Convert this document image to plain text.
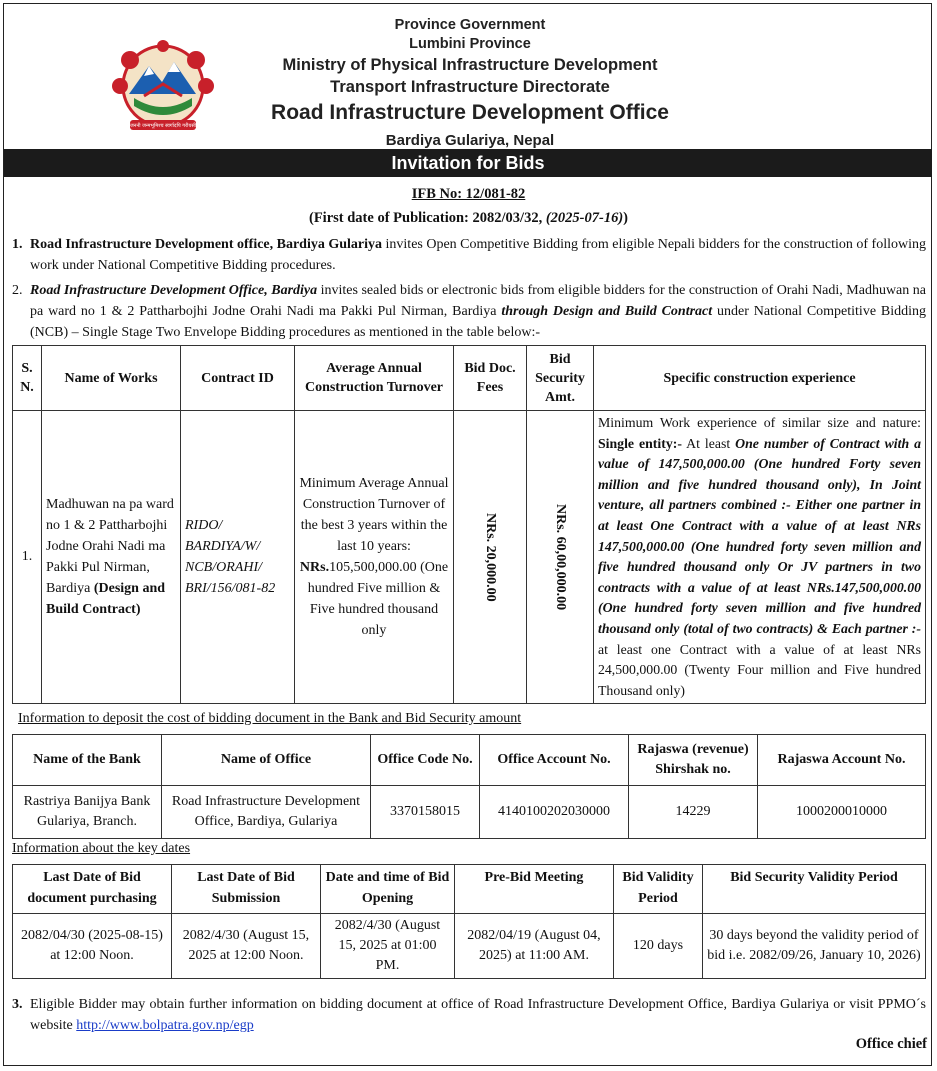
जननी जन्मभूमिश्च स्वर्गादपि गरीयसी
Province Government
Lumbini Province
Ministry of Physical Infrastructure Development
Transport Infrastructure Directorate
Road Infrastructure Development Office
Bardiya Gulariya, Nepal
Invitation for Bids
IFB No: 12/081-82
(First date of Publication: 2082/03/32, (2025-07-16))
1. Road Infrastructure Development office, Bardiya Gulariya invites Open Competitive Bidding from eligible Nepali bidders for the construction of following work under National Competitive Bidding procedures.
2. Road Infrastructure Development Office, Bardiya invites sealed bids or electronic bids from eligible bidders for the construction of Orahi Nadi, Madhuwan na pa ward no 1 & 2 Pattharbojhi Jodne Orahi Nadi ma Pakki Pul Nirman, Bardiya through Design and Build Contract under National Competitive Bidding (NCB) – Single Stage Two Envelope Bidding procedures as mentioned in the table below:-
S. N.	Name of Works	Contract ID	Average Annual Construction Turnover	Bid Doc. Fees	Bid Security Amt.	Specific construction experience
1.	Madhuwan na pa ward no 1 & 2 Pattharbojhi Jodne Orahi Nadi ma Pakki Pul Nirman, Bardiya (Design and Build Contract)	RIDO/ BARDIYA/W/ NCB/ORAHI/ BRI/156/081-82	Minimum Average Annual Construction Turnover of the best 3 years within the last 10 years: NRs.105,500,000.00 (One hundred Five million & Five hundred thousand only	NRs. 20,000.00	NRs. 60,00,000.00	Minimum Work experience of similar size and nature: Single entity:- At least One number of Contract with a value of 147,500,000.00 (One hundred Forty seven million and five hundred thousand only), In Joint venture, all partners combined :- Either one partner in at least One Contract with a value of at least NRs 147,500,000.00 (One hundred forty seven million and five hundred thousand only Or JV partners in two contracts with a value of at least NRs.147,500,000.00 (One hundred forty seven million and five hundred thousand only (total of two contracts) & Each partner :- at least one Contract with a value of at least NRs 24,500,000.00 (Twenty Four million and Five hundred Thousand only)
Information to deposit the cost of bidding document in the Bank and Bid Security amount
Name of the Bank	Name of Office	Office Code No.	Office Account No.	Rajaswa (revenue) Shirshak no.	Rajaswa Account No.
Rastriya Banijya Bank Gulariya, Branch.	Road Infrastructure Development Office, Bardiya, Gulariya	3370158015	4140100202030000	14229	1000200010000
Information about the key dates
Last Date of Bid document purchasing	Last Date of Bid Submission	Date and time of Bid Opening	Pre-Bid Meeting	Bid Validity Period	Bid Security Validity Period
2082/04/30 (2025-08-15) at 12:00 Noon.	2082/4/30 (August 15, 2025 at 12:00 Noon.	2082/4/30 (August 15, 2025 at 01:00 PM.	2082/04/19 (August 04, 2025) at 11:00 AM.	120 days	30 days beyond the validity period of bid i.e. 2082/09/26, January 10, 2026)
3. Eligible Bidder may obtain further information on bidding document at office of Road Infrastructure Development Office, Bardiya Gulariya or visit PPMO´s website http://www.bolpatra.gov.np/egp
Office chief
